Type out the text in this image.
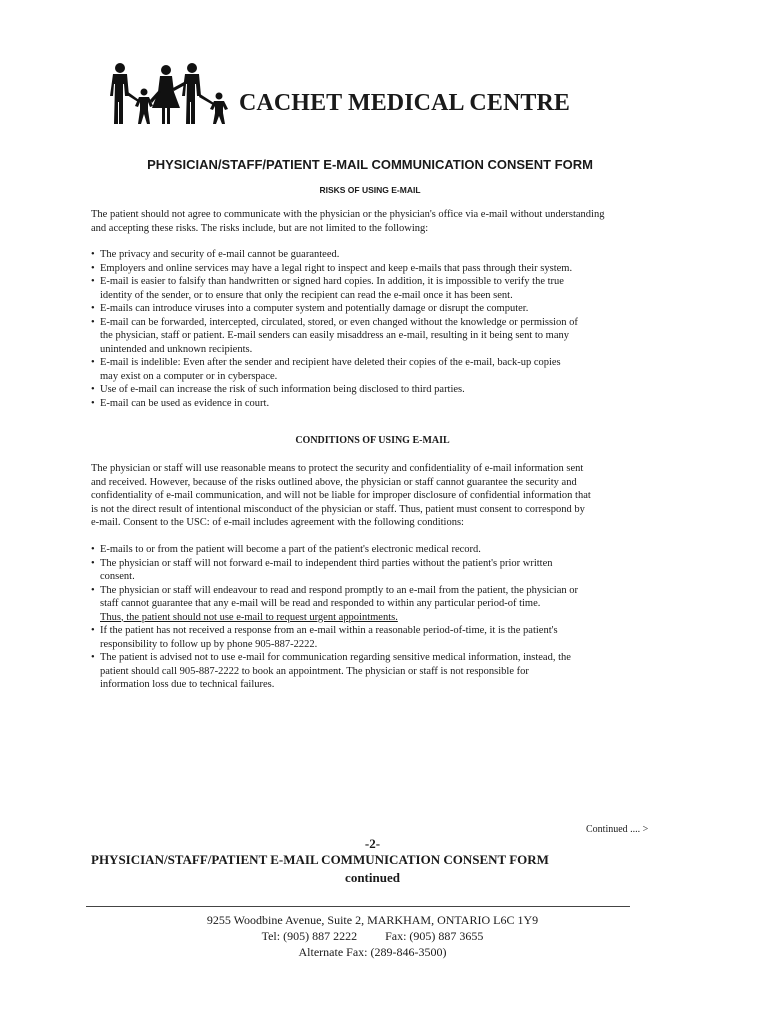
CACHET MEDICAL CENTRE
PHYSICIAN/STAFF/PATIENT E-MAIL COMMUNICATION CONSENT FORM
RISKS OF USING E-MAIL
The patient should not agree to communicate with the physician or the physician's office via e-mail without understanding
and accepting these risks. The risks include, but are not limited to the following:
• The privacy and security of e-mail cannot be guaranteed.
• Employers and online services may have a legal right to inspect and keep e-mails that pass through their system.
• E-mail is easier to falsify than handwritten or signed hard copies. In addition, it is impossible to verify the true
identity of the sender, or to ensure that only the recipient can read the e-mail once it has been sent.
• E-mails can introduce viruses into a computer system and potentially damage or disrupt the computer.
• E-mail can be forwarded, intercepted, circulated, stored, or even changed without the knowledge or permission of
the physician, staff or patient. E-mail senders can easily misaddress an e-mail, resulting in it being sent to many
unintended and unknown recipients.
• E-mail is indelible: Even after the sender and recipient have deleted their copies of the e-mail, back-up copies
may exist on a computer or in cyberspace.
• Use of e-mail can increase the risk of such information being disclosed to third parties.
• E-mail can be used as evidence in court.
CONDITIONS OF USING E-MAIL
The physician or staff will use reasonable means to protect the security and confidentiality of e-mail information sent
and received. However, because of the risks outlined above, the physician or staff cannot guarantee the security and
confidentiality of e-mail communication, and will not be liable for improper disclosure of confidential information that
is not the direct result of intentional misconduct of the physician or staff. Thus, patient must consent to correspond by
e-mail. Consent to the USC: of e-mail includes agreement with the following conditions:
• E-mails to or from the patient will become a part of the patient's electronic medical record.
• The physician or staff will not forward e-mail to independent third parties without the patient's prior written
consent.
• The physician or staff will endeavour to read and respond promptly to an e-mail from the patient, the physician or
staff cannot guarantee that any e-mail will be read and responded to within any particular period-of time.
Thus, the patient should not use e-mail to request urgent appointments.
• If the patient has not received a response from an e-mail within a reasonable period-of-time, it is the patient's
responsibility to follow up by phone 905-887-2222.
• The patient is advised not to use e-mail for communication regarding sensitive medical information, instead, the
patient should call 905-887-2222 to book an appointment. The physician or staff is not responsible for
information loss due to technical failures.
Continued .... >
-2-
PHYSICIAN/STAFF/PATIENT E-MAIL COMMUNICATION CONSENT FORM
continued
9255 Woodbine Avenue, Suite 2, MARKHAM, ONTARIO L6C 1Y9
Tel: (905) 887 2222 Fax: (905) 887 3655
Alternate Fax: (289-846-3500)
